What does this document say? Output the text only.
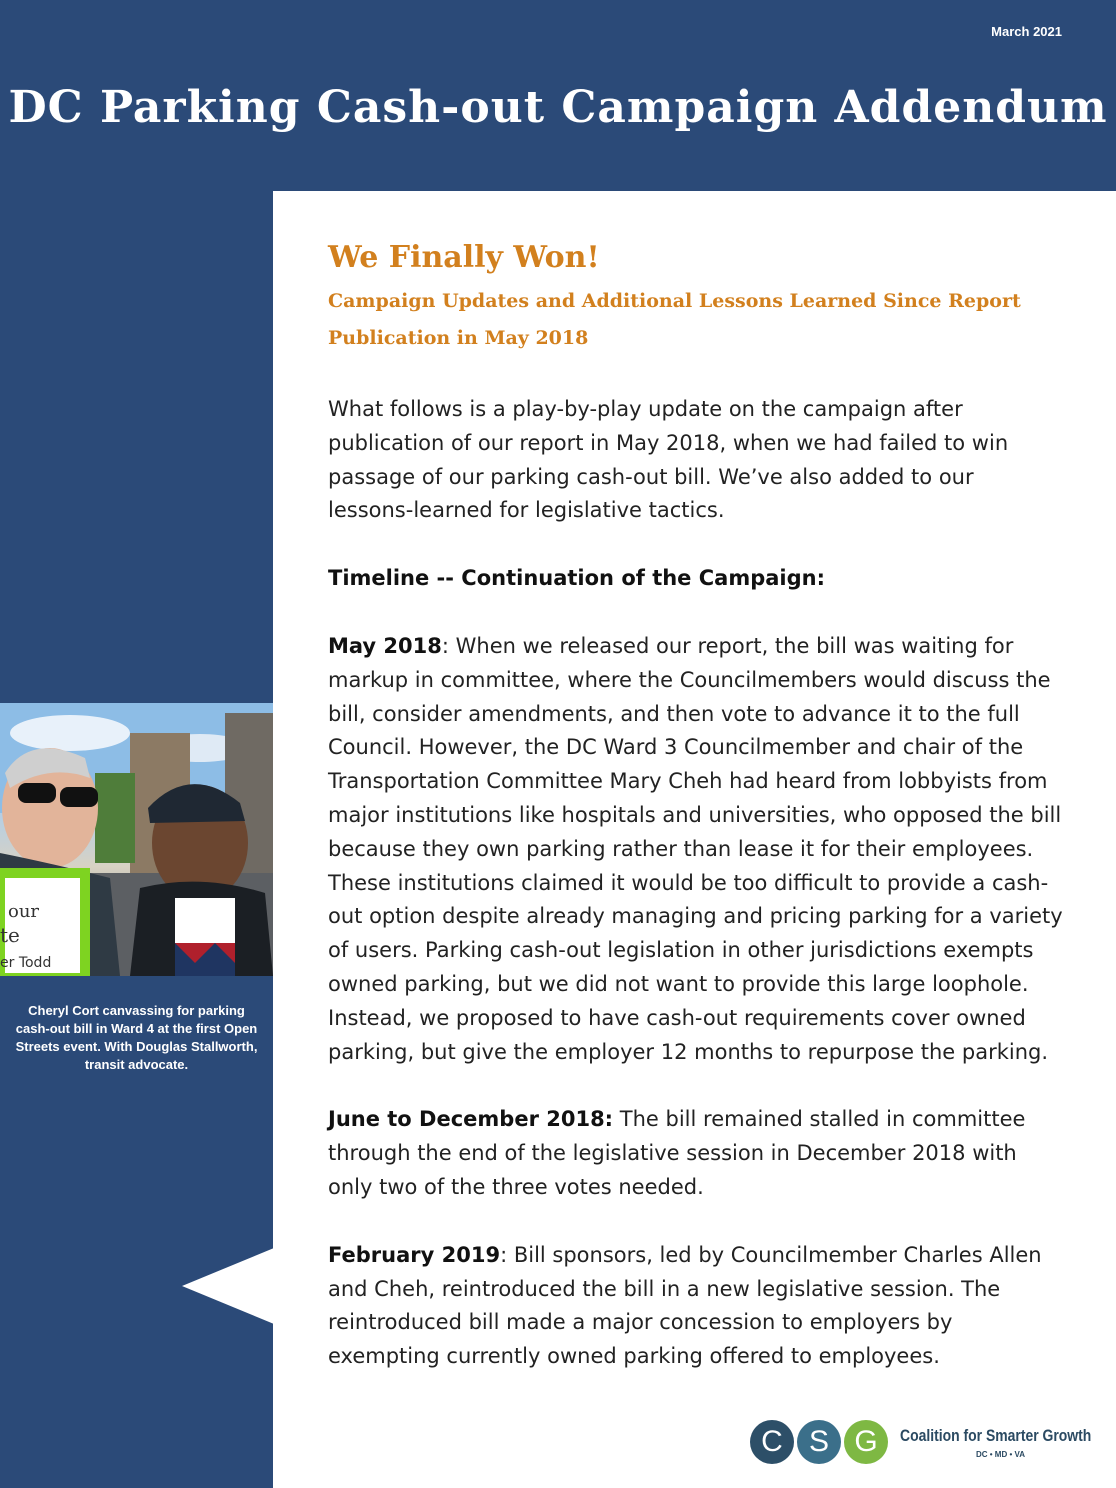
March 2021
DC Parking Cash-out Campaign Addendum
our
te
er Todd
Cheryl Cort canvassing for parking cash-out bill in Ward 4 at the first Open Streets event. With Douglas Stallworth, transit advocate.
We Finally Won!
Campaign Updates and Additional Lessons Learned Since Report Publication in May 2018

What follows is a play-by-play update on the campaign after publication of our report in May 2018, when we had failed to win passage of our parking cash-out bill. We’ve also added to our lessons-learned for legislative tactics.

Timeline -- Continuation of the Campaign:

May 2018: When we released our report, the bill was waiting for markup in committee, where the Councilmembers would discuss the bill, consider amendments, and then vote to advance it to the full Council. However, the DC Ward 3 Councilmember and chair of the Transportation Committee Mary Cheh had heard from lobbyists from major institutions like hospitals and universities, who opposed the bill because they own parking rather than lease it for their employees. These institutions claimed it would be too difficult to provide a cash-out option despite already managing and pricing parking for a variety of users. Parking cash-out legislation in other jurisdictions exempts owned parking, but we did not want to provide this large loophole. Instead, we proposed to have cash-out requirements cover owned parking, but give the employer 12 months to repurpose the parking.

June to December 2018: The bill remained stalled in committee through the end of the legislative session in December 2018 with only two of the three votes needed.

February 2019: Bill sponsors, led by Councilmember Charles Allen and Cheh, reintroduced the bill in a new legislative session. The reintroduced bill made a major concession to employers by exempting currently owned parking offered to employees.

C S G	Coalition for Smarter Growth
DC • MD • VA
